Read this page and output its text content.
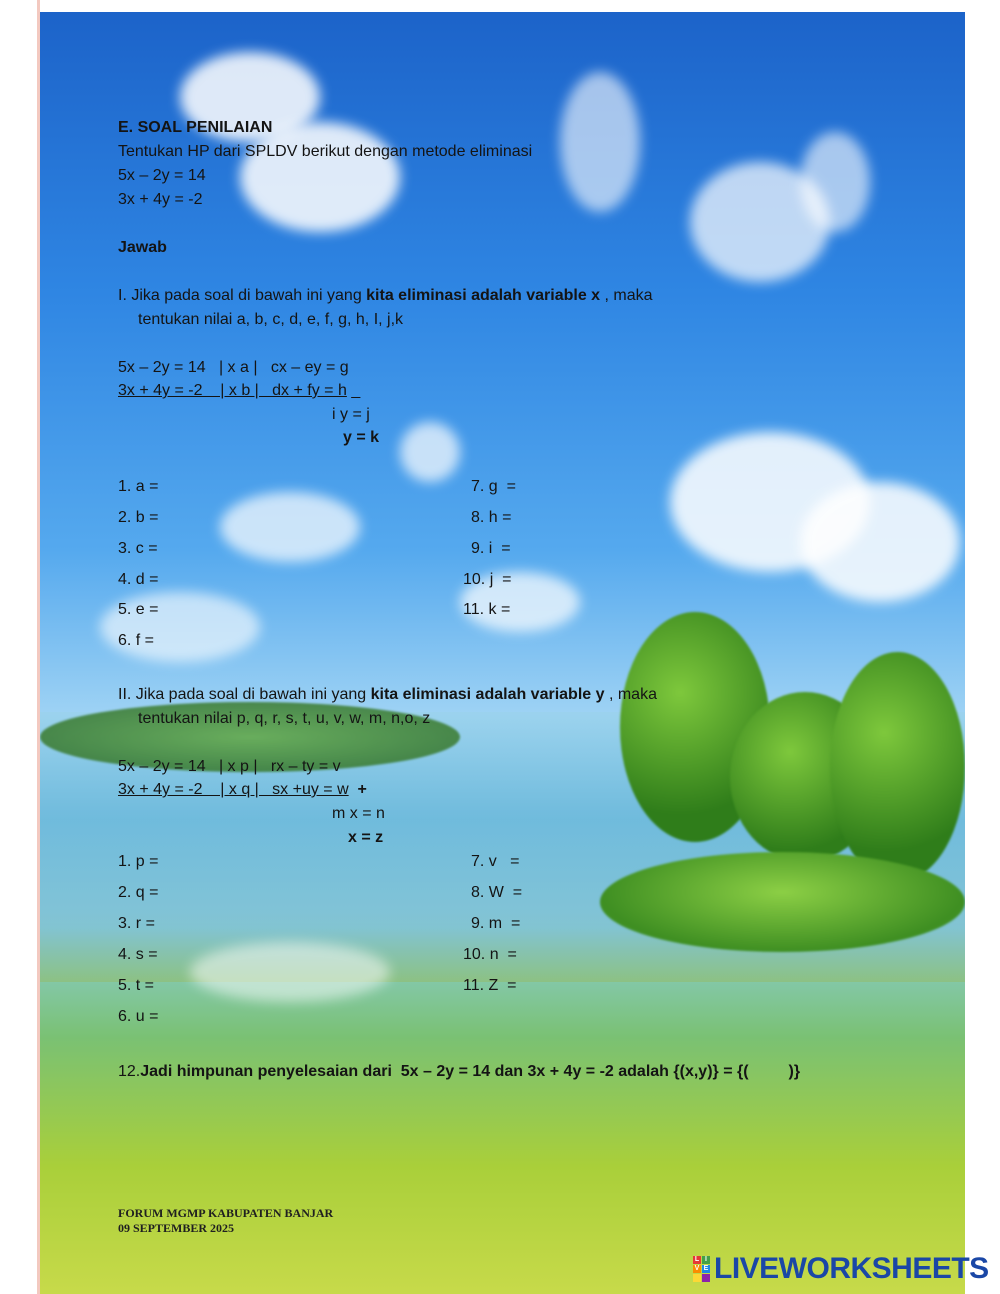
E. SOAL PENILAIAN
Tentukan HP dari SPLDV berikut dengan metode eliminasi
5x – 2y = 14
3x + 4y = -2
Jawab
I. Jika pada soal di bawah ini yang kita eliminasi adalah variable x , maka
tentukan nilai a, b, c, d, e, f, g, h, I, j,k
5x – 2y = 14   | x a |   cx – ey = g
3x + 4y = -2    | x b |   dx + fy = h _
i y = j
y = k
1. a =
2. b =
3. c =
4. d =
5. e =
6. f =
7. g  =
8. h =
9. i  =
10. j  =
11. k =
II. Jika pada soal di bawah ini yang kita eliminasi adalah variable y , maka
tentukan nilai p, q, r, s, t, u, v, w, m, n,o, z
5x – 2y = 14   | x p |   rx – ty = v
3x + 4y = -2    | x q |   sx +uy = w  +
m x = n
x = z
1. p =
2. q =
3. r =
4. s =
5. t =
6. u =
7. v   =
8. W  =
9. m  =
10. n  =
11. Z  =
12.Jadi himpunan penyelesaian dari  5x – 2y = 14 dan 3x + 4y = -2 adalah {(x,y)} = {(         )}
FORUM MGMP KABUPATEN BANJAR
09 SEPTEMBER 2025
L I
V E LIVEWORKSHEETS
